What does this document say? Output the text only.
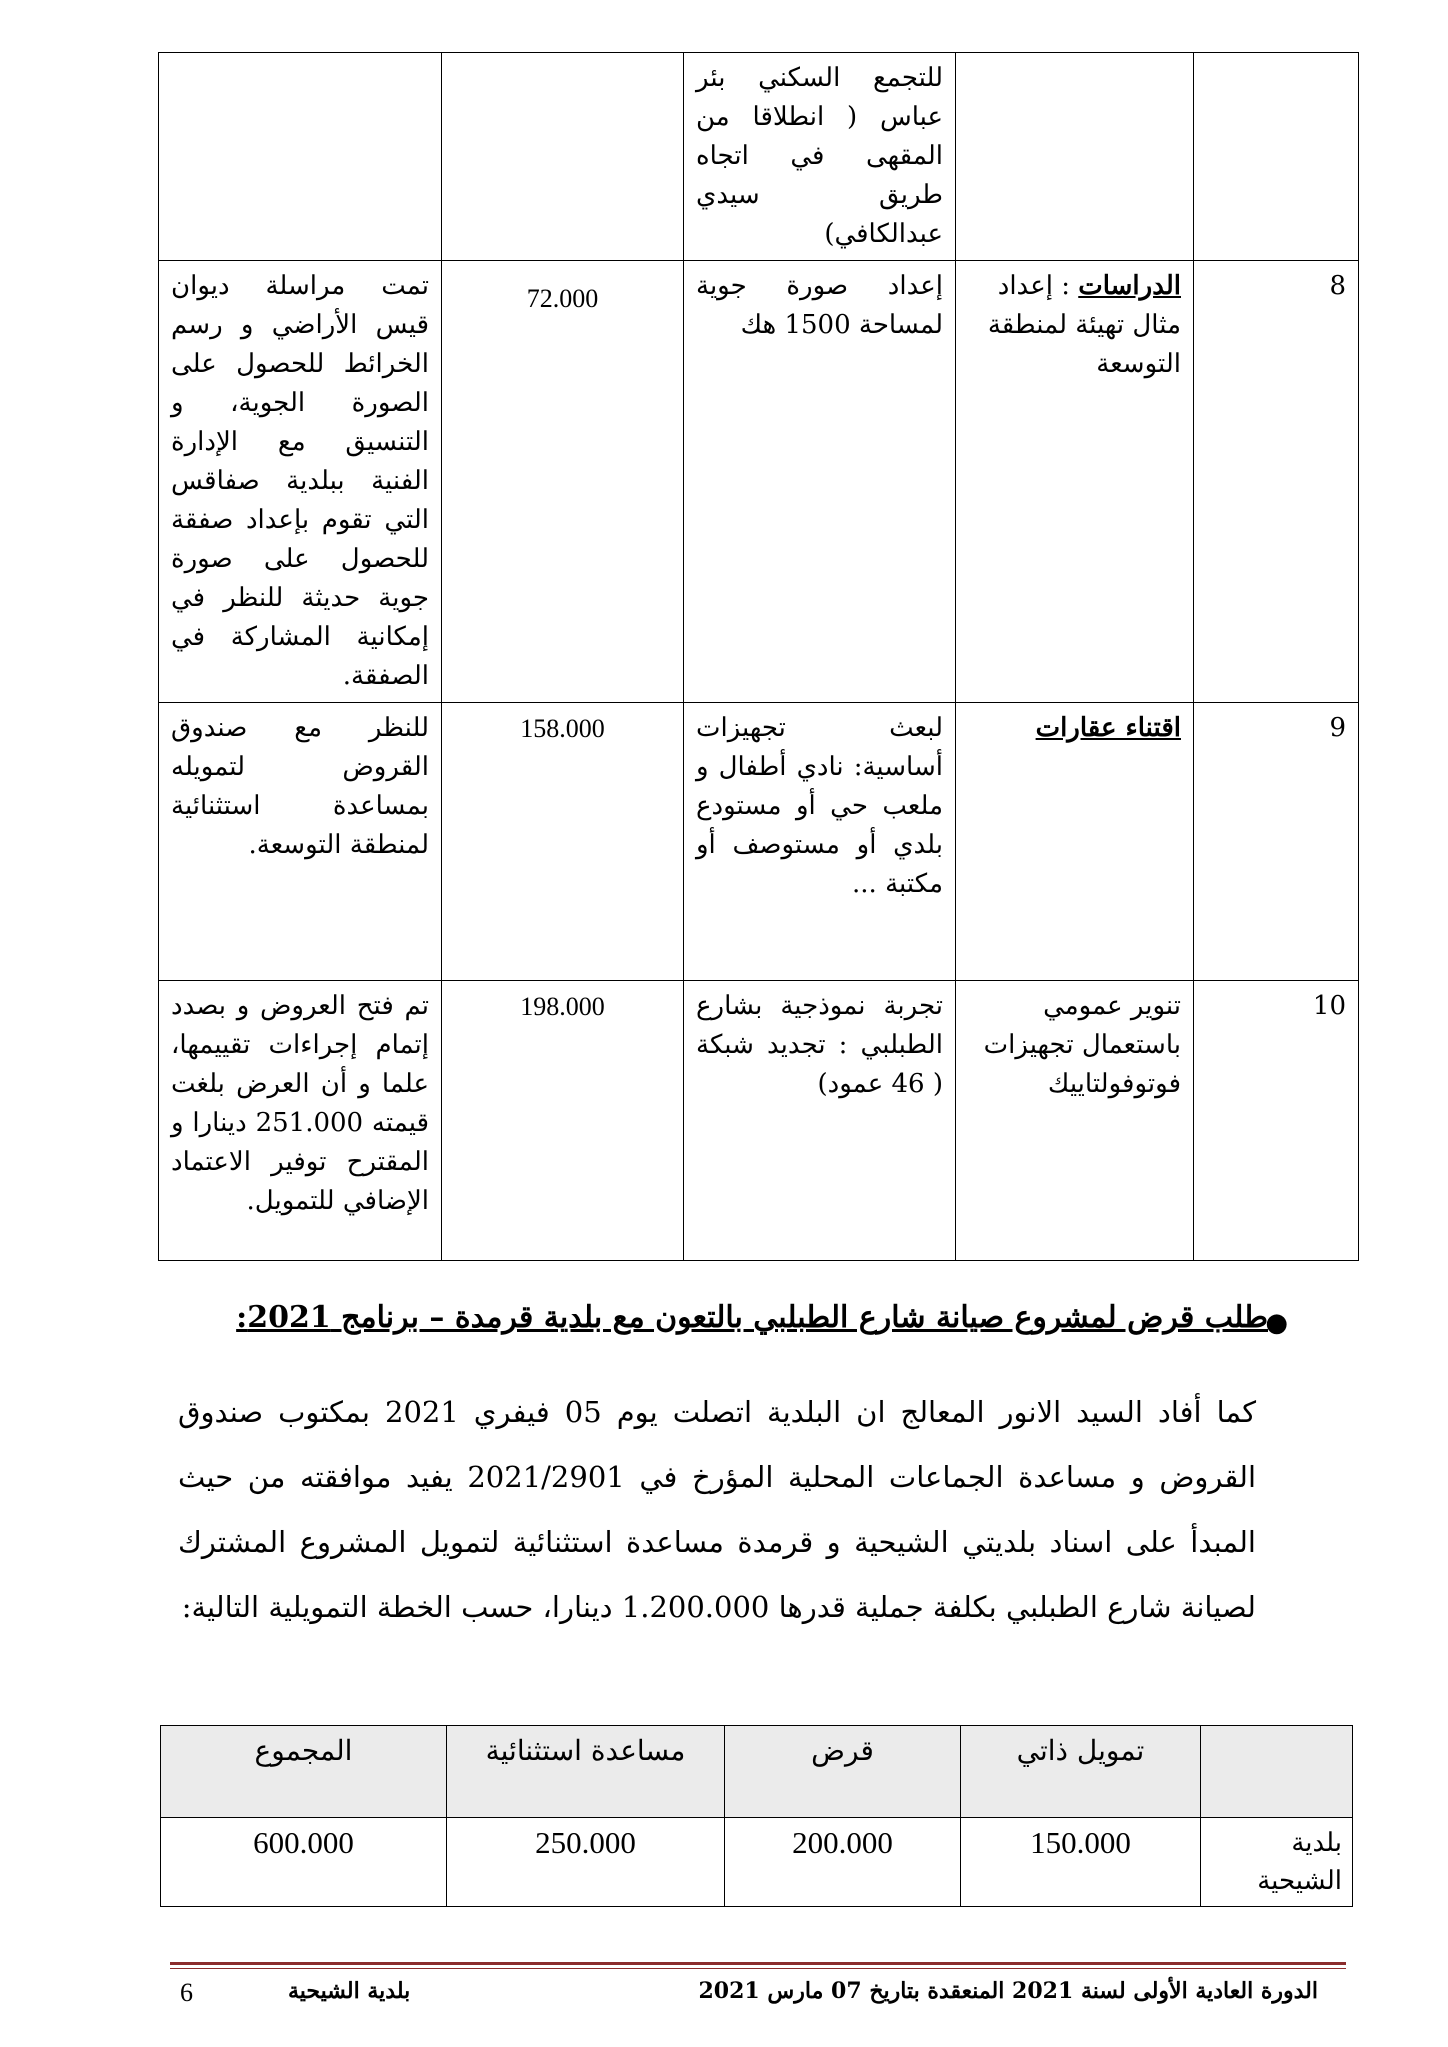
		للتجمع السكني بئر عباس ( انطلاقا من المقهى في اتجاه طريق سيدي عبدالكافي)		
8	الدراسات : إعداد مثال تهيئة لمنطقة التوسعة	إعداد صورة جوية لمساحة 1500 هك	72.000	تمت مراسلة ديوان قيس الأراضي و رسم الخرائط للحصول على الصورة الجوية، و التنسيق مع الإدارة الفنية ببلدية صفاقس التي تقوم بإعداد صفقة للحصول على صورة جوية حديثة للنظر في إمكانية المشاركة في الصفقة.
9	اقتناء عقارات	لبعث تجهيزات أساسية: نادي أطفال و ملعب حي أو مستودع بلدي أو مستوصف أو مكتبة ...	158.000	للنظر مع صندوق القروض لتمويله بمساعدة استثنائية لمنطقة التوسعة.
10	تنوير عمومي باستعمال تجهيزات فوتوفولتاييك	تجربة نموذجية بشارع الطبلبي : تجديد شبكة ( 46 عمود)	198.000	تم فتح العروض و بصدد إتمام إجراءات تقييمها، علما و أن العرض بلغت قيمته 251.000 دينارا و المقترح توفير الاعتماد الإضافي للتمويل.
●
طلب قرض لمشروع صيانة شارع الطبلبي بالتعون مع بلدية قرمدة – برنامج 2021:
كما أفاد السيد الانور المعالج ان البلدية اتصلت يوم 05 فيفري 2021 بمكتوب صندوق القروض و مساعدة الجماعات المحلية المؤرخ في 2021/2901 يفيد موافقته من حيث المبدأ على اسناد بلديتي الشيحية و قرمدة مساعدة استثنائية لتمويل المشروع المشترك لصيانة شارع الطبلبي بكلفة جملية قدرها 1.200.000 دينارا، حسب الخطة التمويلية التالية:
	تمويل ذاتي	قرض	مساعدة استثنائية	المجموع
بلدية الشيحية	150.000	200.000	250.000	600.000
6	بلدية الشيحية	الدورة العادية الأولى لسنة 2021 المنعقدة بتاريخ 07 مارس 2021
